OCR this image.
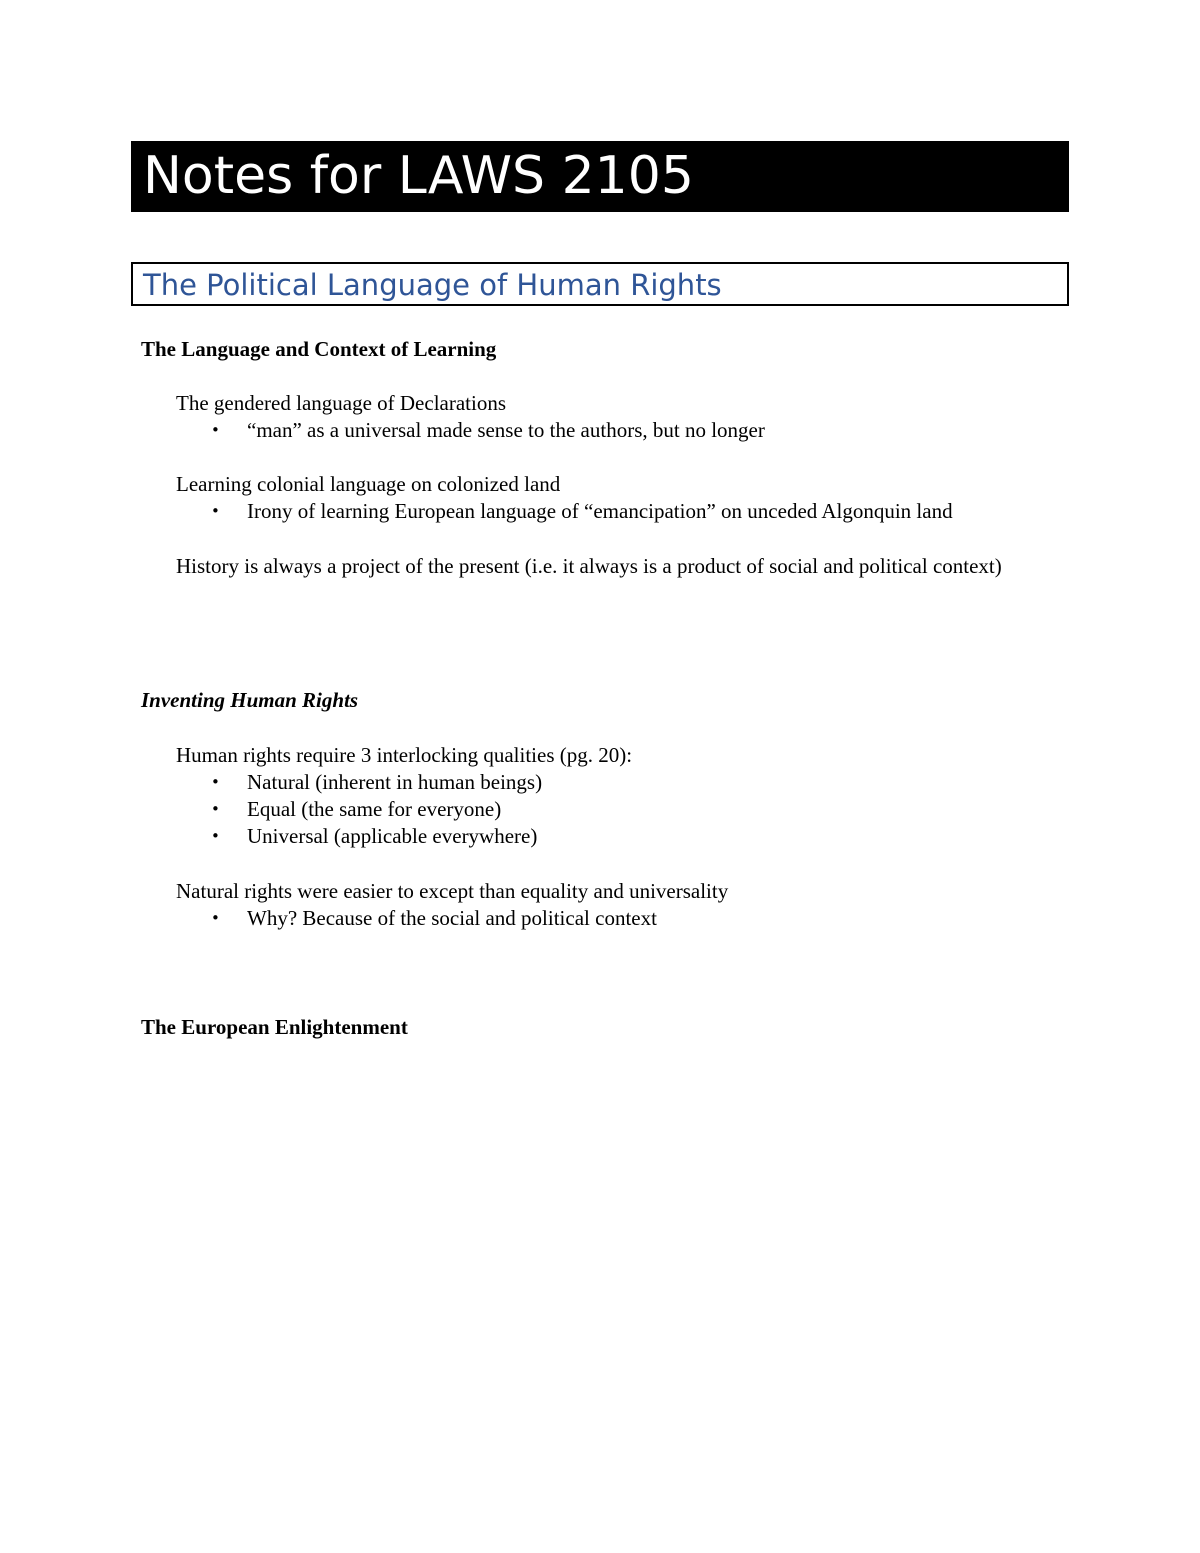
Notes for LAWS 2105
The Political Language of Human Rights
The Language and Context of Learning
The gendered language of Declarations
• “man” as a universal made sense to the authors, but no longer
Learning colonial language on colonized land
• Irony of learning European language of “emancipation” on unceded Algonquin land
History is always a project of the present (i.e. it always is a product of social and political context)
Inventing Human Rights
Human rights require 3 interlocking qualities (pg. 20):
• Natural (inherent in human beings)
• Equal (the same for everyone)
• Universal (applicable everywhere)
Natural rights were easier to except than equality and universality
• Why? Because of the social and political context
The European Enlightenment
